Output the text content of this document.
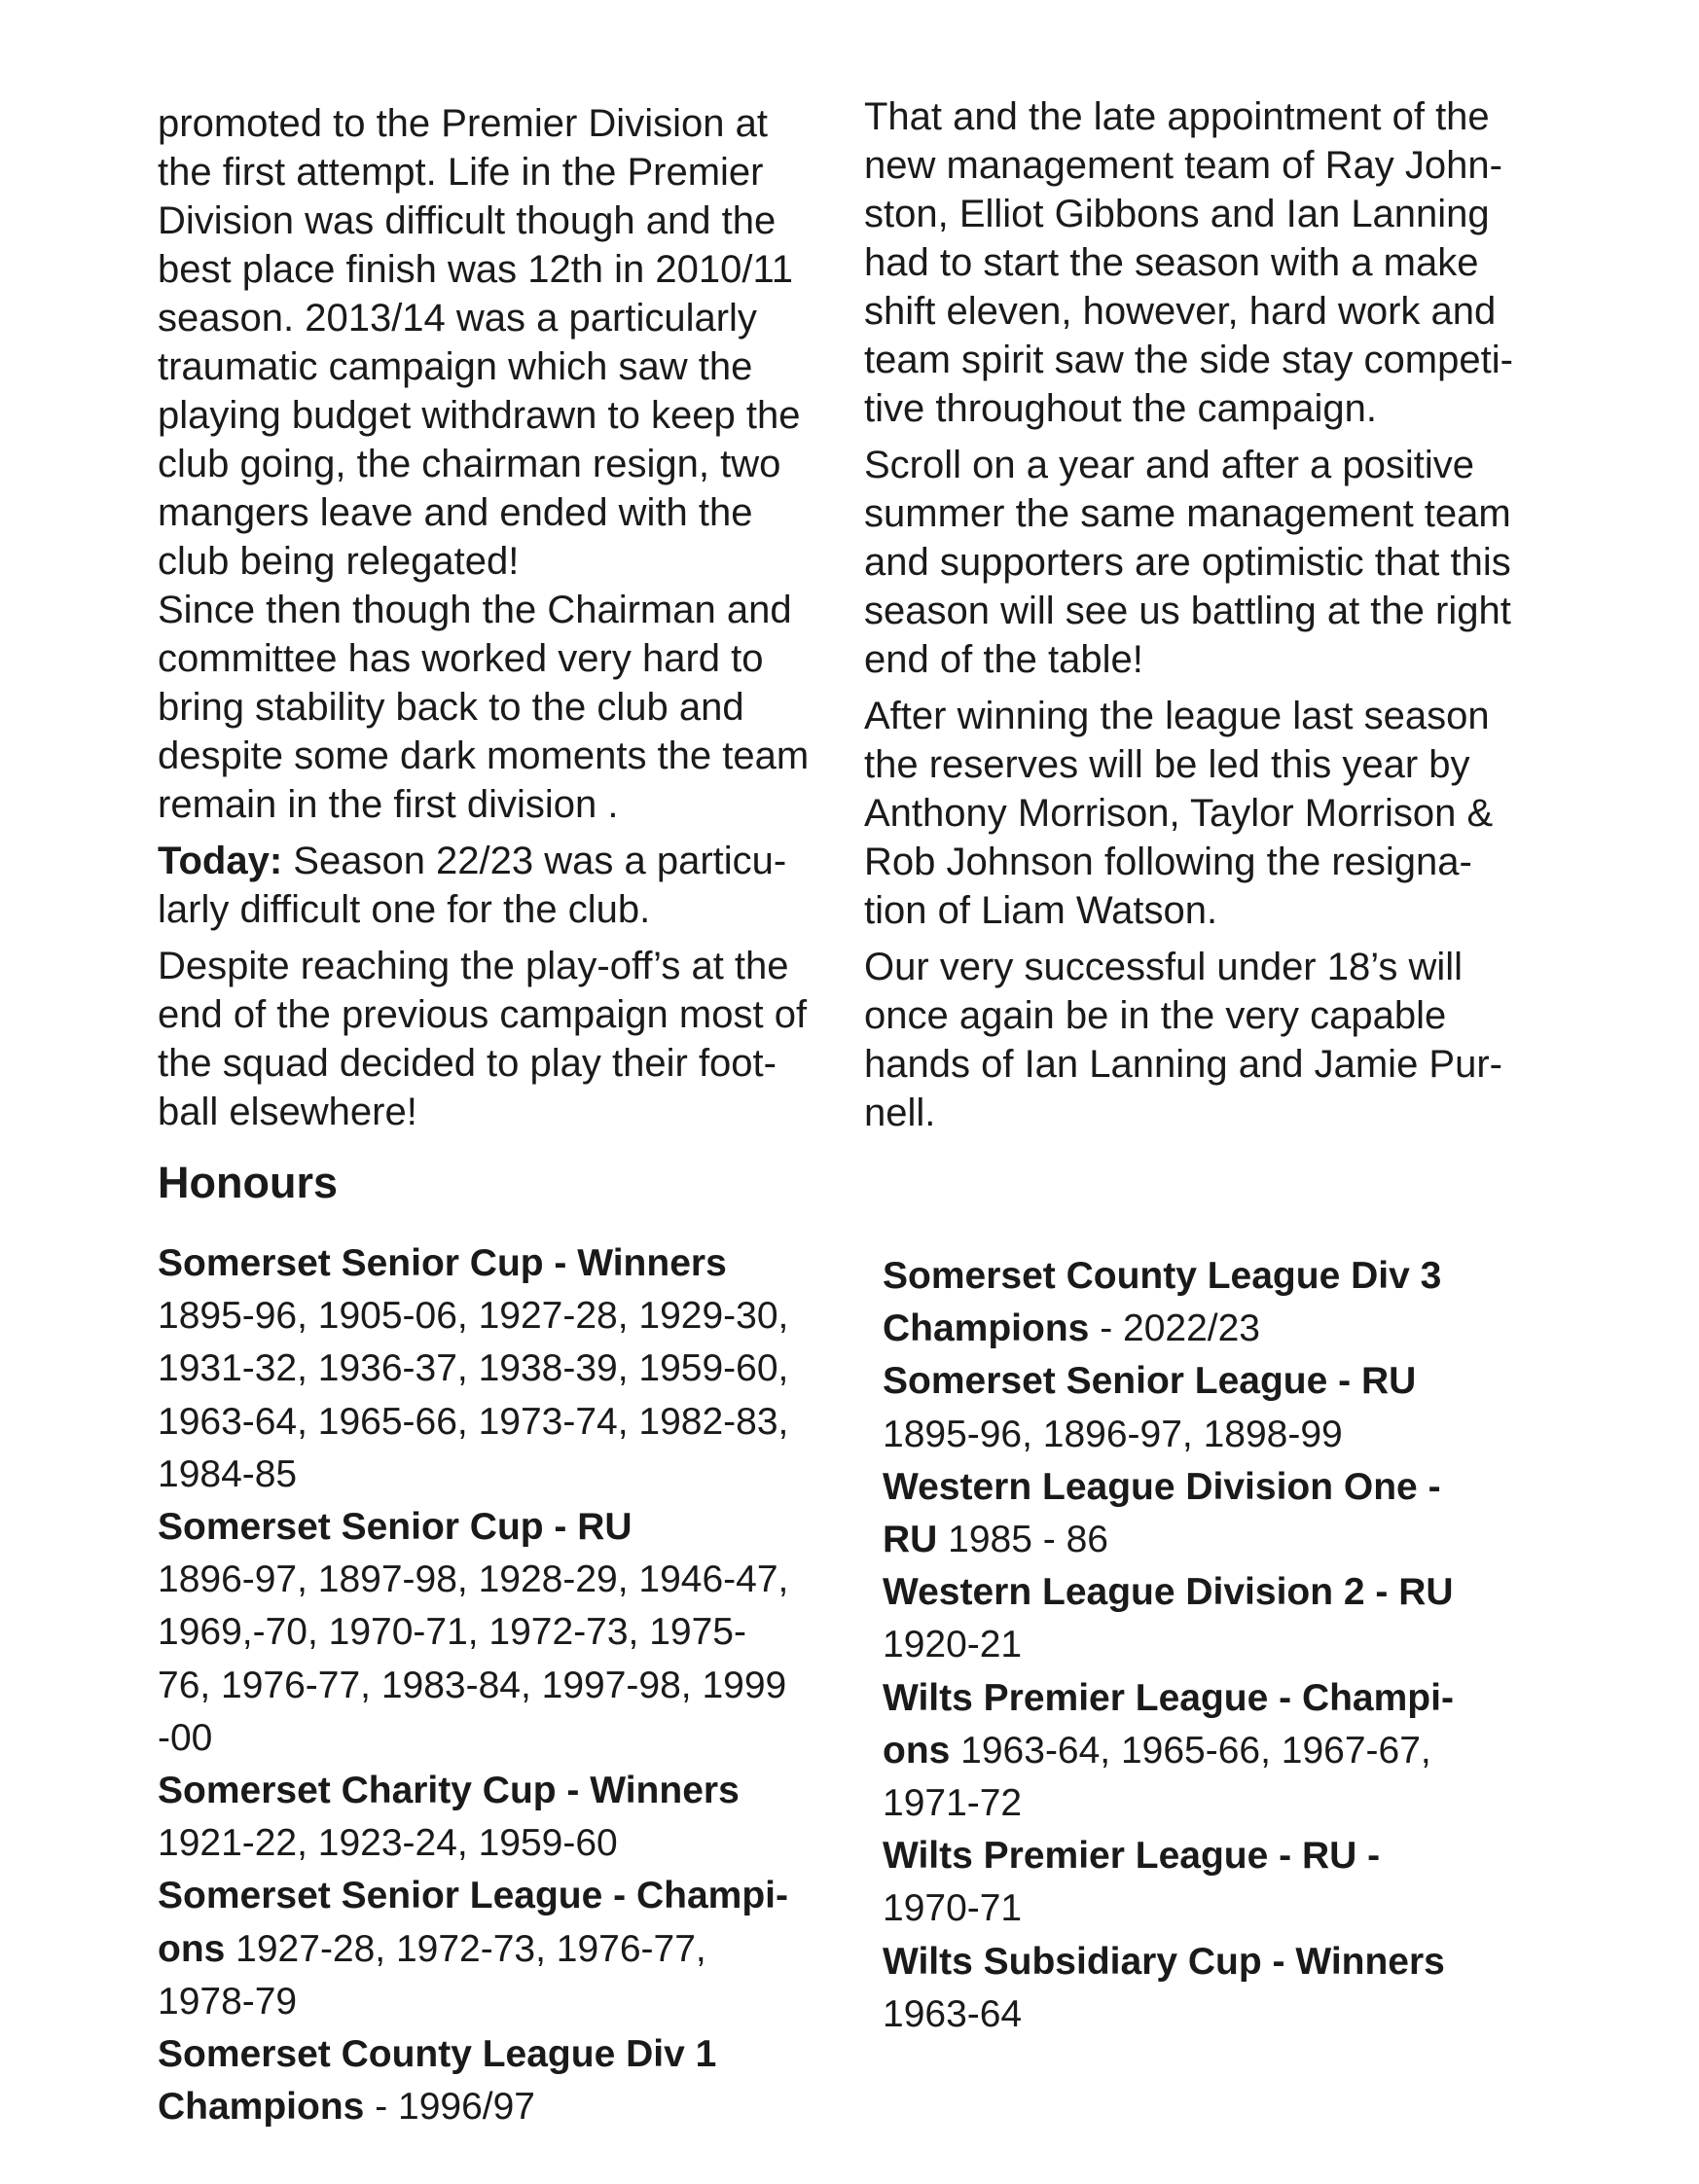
promoted to the Premier Division at
the first attempt. Life in the Premier
Division was difficult though and the
best place finish was 12th in 2010/11
season. 2013/14 was a particularly
traumatic campaign which saw the
playing budget withdrawn to keep the
club going, the chairman resign, two
mangers leave and ended with the
club being relegated!
Since then though the Chairman and
committee has worked very hard to
bring stability back to the club and
despite some dark moments the team
remain in the first division .

Today: Season 22/23 was a particu-
larly difficult one for the club.

Despite reaching the play-off’s at the
end of the previous campaign most of
the squad decided to play their foot-
ball elsewhere!

That and the late appointment of the
new management team of Ray John-
ston, Elliot Gibbons and Ian Lanning
had to start the season with a make
shift eleven, however, hard work and
team spirit saw the side stay competi-
tive throughout the campaign.

Scroll on a year and after a positive
summer the same management team
and supporters are optimistic that this
season will see us battling at the right
end of the table!

After winning the league last season
the reserves will be led this year by
Anthony Morrison, Taylor Morrison &
Rob Johnson following the resigna-
tion of Liam Watson.

Our very successful under 18’s will
once again be in the very capable
hands of Ian Lanning and Jamie Pur-
nell.

Honours

Somerset Senior Cup - Winners
1895-96, 1905-06, 1927-28, 1929-30,
1931-32, 1936-37, 1938-39, 1959-60,
1963-64, 1965-66, 1973-74, 1982-83,
1984-85

Somerset Senior Cup - RU
1896-97, 1897-98, 1928-29, 1946-47,
1969,-70, 1970-71, 1972-73, 1975-
76, 1976-77, 1983-84, 1997-98, 1999
-00

Somerset Charity Cup - Winners
1921-22, 1923-24, 1959-60

Somerset Senior League - Champi-
ons 1927-28, 1972-73, 1976-77,
1978-79

Somerset County League Div 1
Champions - 1996/97

Somerset County League Div 3
Champions - 2022/23

Somerset Senior League - RU
1895-96, 1896-97, 1898-99

Western League Division One -
RU 1985 - 86

Western League Division 2 - RU
1920-21

Wilts Premier League - Champi-
ons 1963-64, 1965-66, 1967-67,
1971-72

Wilts Premier League - RU -
1970-71

Wilts Subsidiary Cup - Winners
1963-64
